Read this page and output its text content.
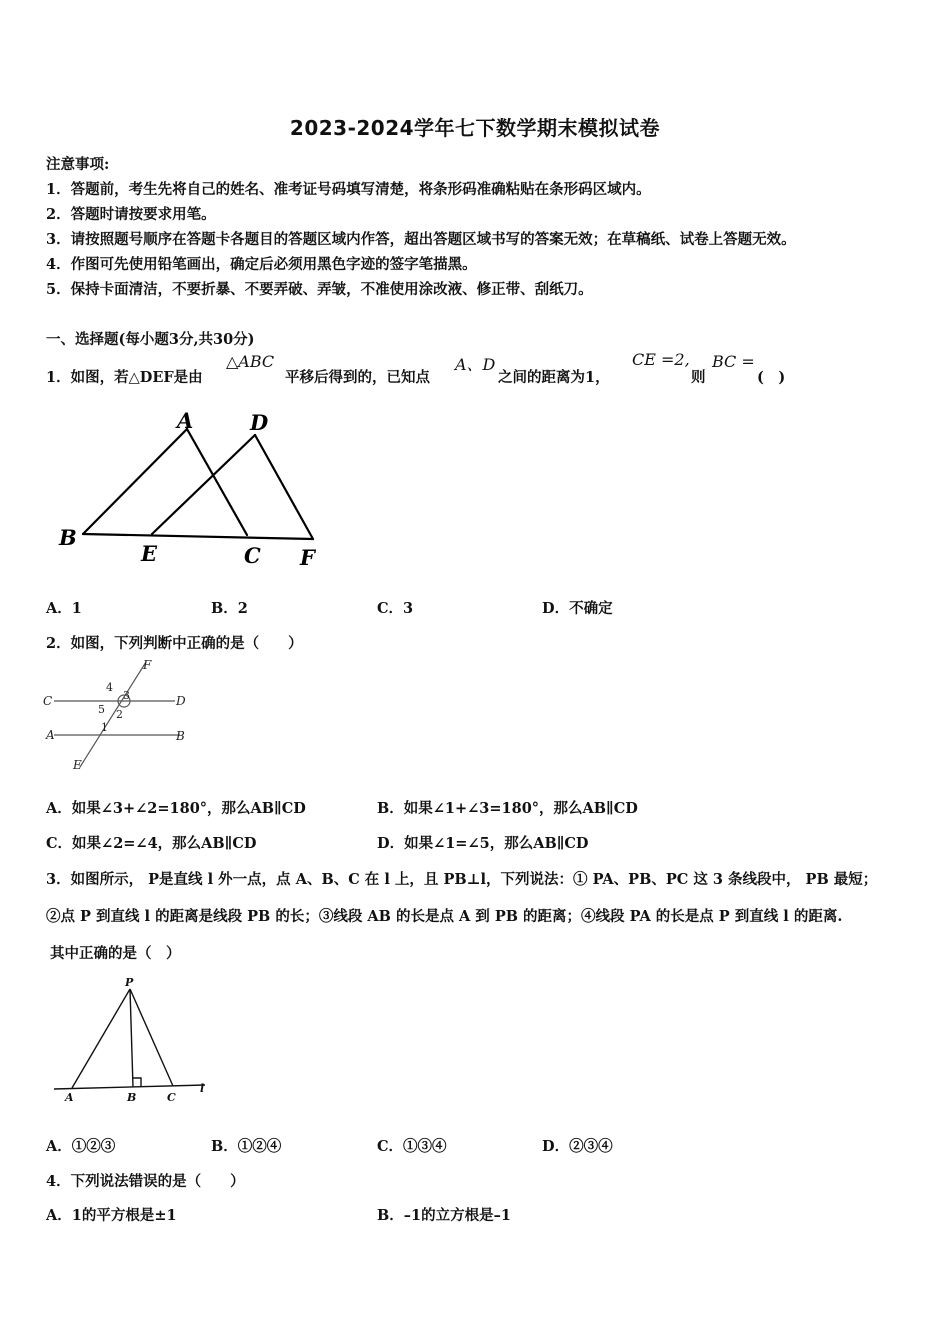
2023-2024学年七下数学期末模拟试卷
注意事项:
1．答题前，考生先将自己的姓名、准考证号码填写清楚，将条形码准确粘贴在条形码区域内。
2．答题时请按要求用笔。
3．请按照题号顺序在答题卡各题目的答题区域内作答，超出答题区域书写的答案无效；在草稿纸、试卷上答题无效。
4．作图可先使用铅笔画出，确定后必须用黑色字迹的签字笔描黑。
5．保持卡面清洁，不要折暴、不要弄破、弄皱，不准使用涂改液、修正带、刮纸刀。
一、选择题(每小题3分,共30分)
1．如图，若△DEF是由
△ABC
平移后得到的，已知点
A、D
之间的距离为1，
CE =2,
则
BC =
(　)
A	D
B
E	C F
A．1	B．2	C．3	D．不确定
2．如图，下列判断中正确的是（　　）
F
C	D
A	B
E
4
3
5 2
1
A．如果∠3+∠2=180°，那么AB∥CD	B．如果∠1+∠3=180°，那么AB∥CD
C．如果∠2=∠4，那么AB∥CD	D．如果∠1=∠5，那么AB∥CD
3．如图所示， P是直线 l 外一点，点 A、B、C 在 l 上，且 PB⊥l，下列说法：① PA、PB、PC 这 3 条线段中， PB 最短；
②点 P 到直线 l 的距离是线段 PB 的长；③线段 AB 的长是点 A 到 PB 的距离；④线段 PA 的长是点 P 到直线 l 的距离.
其中正确的是（　）
P
A	B	C
l
A．①②③	B．①②④	C．①③④	D．②③④
4．下列说法错误的是（　　）
A．1的平方根是±1	B．–1的立方根是–1
